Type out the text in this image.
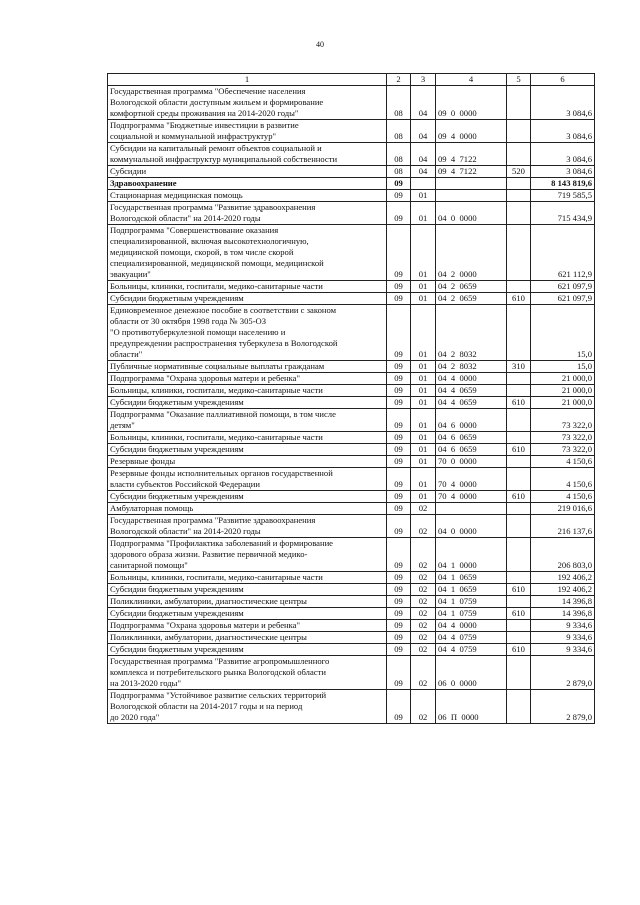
40
1	2	3	4	5	6
Государственная программа "Обеспечение населения
Вологодской области доступным жильем и формирование
комфортной среды проживания на 2014-2020 годы"	08	04	09  0  0000		3 084,6
Подпрограмма "Бюджетные инвестиции в развитие
социальной и коммунальной инфраструктур"	08	04	09  4  0000		3 084,6
Субсидии на капитальный ремонт объектов социальной и
коммунальной инфраструктур муниципальной собственности	08	04	09  4  7122		3 084,6
Субсидии	08	04	09  4  7122	520	3 084,6
Здравоохранение	09				8 143 819,6
Стационарная медицинская помощь	09	01			719 585,5
Государственная программа "Развитие здравоохранения
Вологодской области" на 2014-2020 годы	09	01	04  0  0000		715 434,9
Подпрограмма "Совершенствование оказания
специализированной, включая высокотехнологичную,
медицинской помощи, скорой, в том числе скорой
специализированной, медицинской помощи, медицинской
эвакуации"	09	01	04  2  0000		621 112,9
Больницы, клиники, госпитали, медико-санитарные части	09	01	04  2  0659		621 097,9
Субсидии бюджетным учреждениям	09	01	04  2  0659	610	621 097,9
Единовременное денежное пособие в соответствии с законом
области от 30 октября 1998 года № 305-ОЗ
"О противотуберкулезной помощи населению и
предупреждении распространения туберкулеза в Вологодской
области"	09	01	04  2  8032		15,0
Публичные нормативные социальные выплаты гражданам	09	01	04  2  8032	310	15,0
Подпрограмма "Охрана здоровья матери и ребенка"	09	01	04  4  0000		21 000,0
Больницы, клиники, госпитали, медико-санитарные части	09	01	04  4  0659		21 000,0
Субсидии бюджетным учреждениям	09	01	04  4  0659	610	21 000,0
Подпрограмма "Оказание паллиативной помощи, в том числе
детям"	09	01	04  6  0000		73 322,0
Больницы, клиники, госпитали, медико-санитарные части	09	01	04  6  0659		73 322,0
Субсидии бюджетным учреждениям	09	01	04  6  0659	610	73 322,0
Резервные фонды	09	01	70  0  0000		4 150,6
Резервные фонды исполнительных органов государственной
власти субъектов Российской Федерации	09	01	70  4  0000		4 150,6
Субсидии бюджетным учреждениям	09	01	70  4  0000	610	4 150,6
Амбулаторная помощь	09	02			219 016,6
Государственная программа "Развитие здравоохранения
Вологодской области" на 2014-2020 годы	09	02	04  0  0000		216 137,6
Подпрограмма "Профилактика заболеваний и формирование
здорового образа жизни. Развитие первичной медико-
санитарной помощи"	09	02	04  1  0000		206 803,0
Больницы, клиники, госпитали, медико-санитарные части	09	02	04  1  0659		192 406,2
Субсидии бюджетным учреждениям	09	02	04  1  0659	610	192 406,2
Поликлиники, амбулатории, диагностические центры	09	02	04  1  0759		14 396,8
Субсидии бюджетным учреждениям	09	02	04  1  0759	610	14 396,8
Подпрограмма "Охрана здоровья матери и ребенка"	09	02	04  4  0000		9 334,6
Поликлиники, амбулатории, диагностические центры	09	02	04  4  0759		9 334,6
Субсидии бюджетным учреждениям	09	02	04  4  0759	610	9 334,6
Государственная программа "Развитие агропромышленного
комплекса и потребительского рынка Вологодской области
на 2013-2020 годы"	09	02	06  0  0000		2 879,0
Подпрограмма "Устойчивое развитие сельских территорий
Вологодской области на 2014-2017 годы и на период
до 2020 года"	09	02	06  П  0000		2 879,0
